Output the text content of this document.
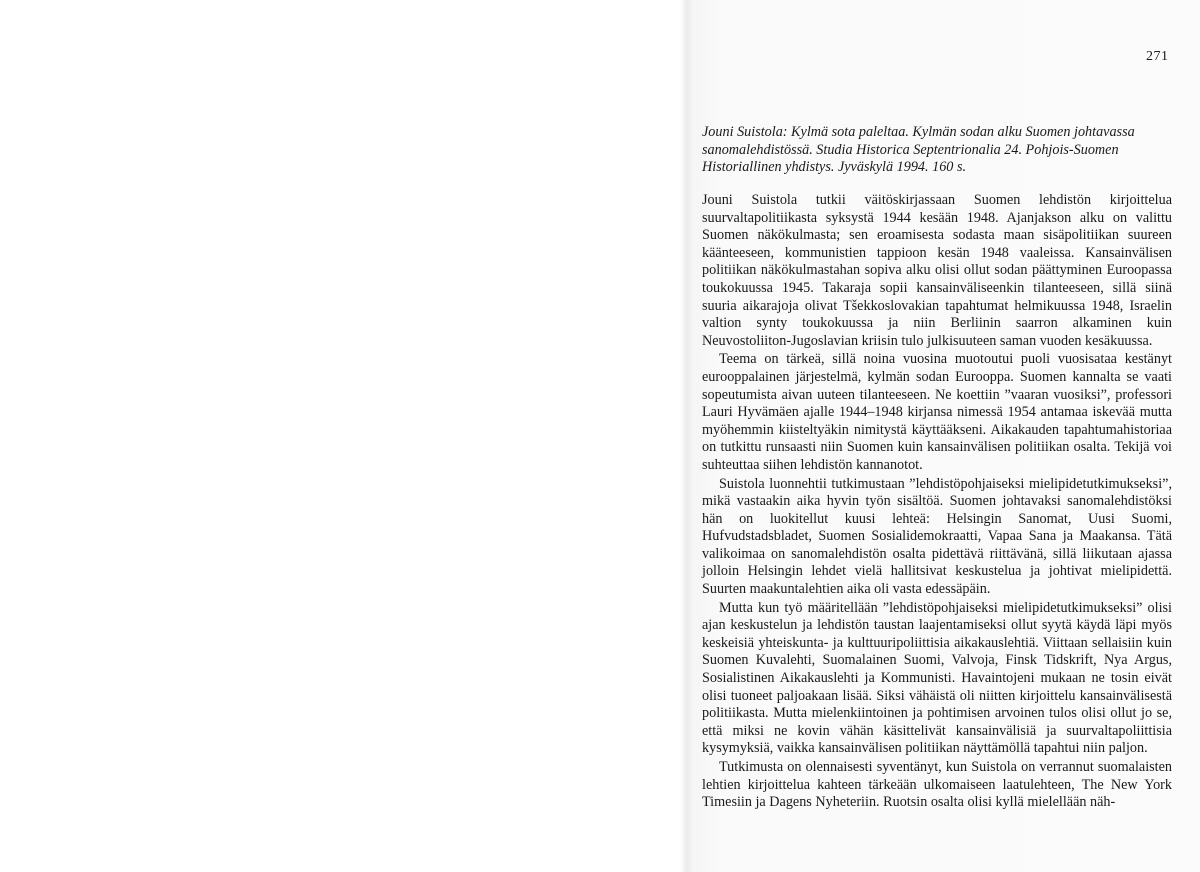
271
Jouni Suistola: Kylmä sota paleltaa. Kylmän sodan alku Suomen johtavassa sanomalehdistössä. Studia Historica Septentrionalia 24. Pohjois-Suomen Historiallinen yhdistys. Jyväskylä 1994. 160 s.

Jouni Suistola tutkii väitöskirjassaan Suomen lehdistön kirjoittelua suurvaltapolitiikasta syksystä 1944 kesään 1948. Ajanjakson alku on valittu Suomen näkökulmasta; sen eroamisesta sodasta maan sisäpolitiikan suureen käänteeseen, kommunistien tappioon kesän 1948 vaaleissa. Kansainvälisen politiikan näkökulmastahan sopiva alku olisi ollut sodan päättyminen Euroopassa toukokuussa 1945. Takaraja sopii kansainväliseenkin tilanteeseen, sillä siinä suuria aikarajoja olivat Tšekkoslovakian tapahtumat helmikuussa 1948, Israelin valtion synty toukokuussa ja niin Berliinin saarron alkaminen kuin Neuvostoliiton-Jugoslavian kriisin tulo julkisuuteen saman vuoden kesäkuussa.

Teema on tärkeä, sillä noina vuosina muotoutui puoli vuosisataa kestänyt eurooppalainen järjestelmä, kylmän sodan Eurooppa. Suomen kannalta se vaati sopeutumista aivan uuteen tilanteeseen. Ne koettiin ”vaaran vuosiksi”, professori Lauri Hyvämäen ajalle 1944–1948 kirjansa nimessä 1954 antamaa iskevää mutta myöhemmin kiisteltyäkin nimitystä käyttääkseni. Aikakauden tapahtumahistoriaa on tutkittu runsaasti niin Suomen kuin kansainvälisen politiikan osalta. Tekijä voi suhteuttaa siihen lehdistön kannanotot.

Suistola luonnehtii tutkimustaan ”lehdistöpohjaiseksi mielipidetutkimukseksi”, mikä vastaakin aika hyvin työn sisältöä. Suomen johtavaksi sanomalehdistöksi hän on luokitellut kuusi lehteä: Helsingin Sanomat, Uusi Suomi, Hufvudstadsbladet, Suomen Sosialidemokraatti, Vapaa Sana ja Maakansa. Tätä valikoimaa on sanomalehdistön osalta pidettävä riittävänä, sillä liikutaan ajassa jolloin Helsingin lehdet vielä hallitsivat keskustelua ja johtivat mielipidettä. Suurten maakuntalehtien aika oli vasta edessäpäin.

Mutta kun työ määritellään ”lehdistöpohjaiseksi mielipidetutkimukseksi” olisi ajan keskustelun ja lehdistön taustan laajentamiseksi ollut syytä käydä läpi myös keskeisiä yhteiskunta- ja kulttuuripoliittisia aikakauslehtiä. Viittaan sellaisiin kuin Suomen Kuvalehti, Suomalainen Suomi, Valvoja, Finsk Tidskrift, Nya Argus, Sosialistinen Aikakauslehti ja Kommunisti. Havaintojeni mukaan ne tosin eivät olisi tuoneet paljoakaan lisää. Siksi vähäistä oli niitten kirjoittelu kansainvälisestä politiikasta. Mutta mielenkiintoinen ja pohtimisen arvoinen tulos olisi ollut jo se, että miksi ne kovin vähän käsittelivät kansainvälisiä ja suurvaltapoliittisia kysymyksiä, vaikka kansainvälisen politiikan näyttämöllä tapahtui niin paljon.

Tutkimusta on olennaisesti syventänyt, kun Suistola on verrannut suomalaisten lehtien kirjoittelua kahteen tärkeään ulkomaiseen laatulehteen, The New York Timesiin ja Dagens Nyheteriin. Ruotsin osalta olisi kyllä mielellään näh-
